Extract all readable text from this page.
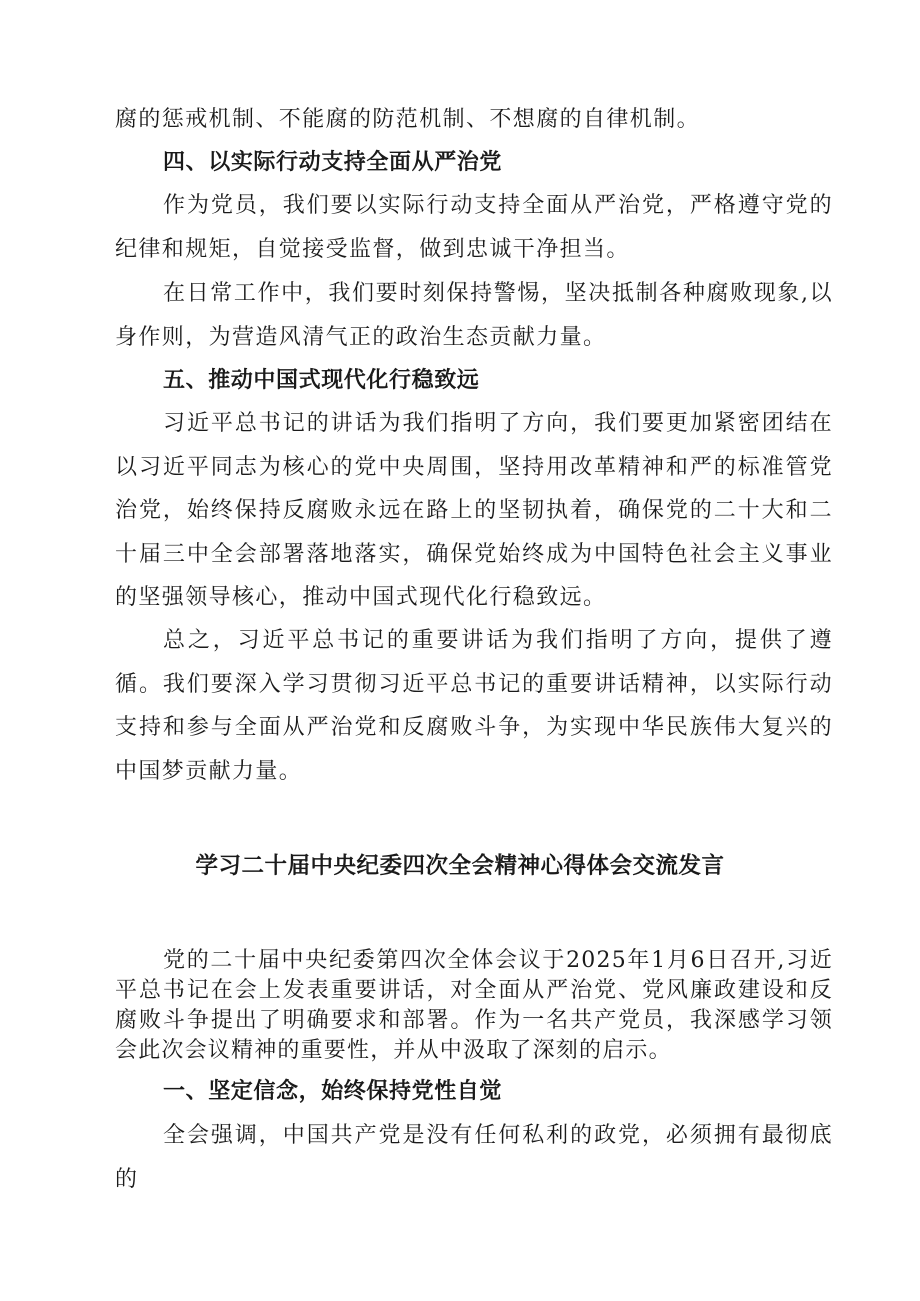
腐的惩戒机制、不能腐的防范机制、不想腐的自律机制。

四、以实际行动支持全面从严治党

作为党员，我们要以实际行动支持全面从严治党，严格遵守党的纪律和规矩，自觉接受监督，做到忠诚干净担当。

在日常工作中，我们要时刻保持警惕，坚决抵制各种腐败现象,以身作则，为营造风清气正的政治生态贡献力量。

五、推动中国式现代化行稳致远

习近平总书记的讲话为我们指明了方向，我们要更加紧密团结在以习近平同志为核心的党中央周围，坚持用改革精神和严的标准管党治党，始终保持反腐败永远在路上的坚韧执着，确保党的二十大和二十届三中全会部署落地落实，确保党始终成为中国特色社会主义事业的坚强领导核心，推动中国式现代化行稳致远。

总之，习近平总书记的重要讲话为我们指明了方向，提供了遵循。我们要深入学习贯彻习近平总书记的重要讲话精神，以实际行动支持和参与全面从严治党和反腐败斗争，为实现中华民族伟大复兴的中国梦贡献力量。

学习二十届中央纪委四次全会精神心得体会交流发言

党的二十届中央纪委第四次全体会议于2025年1月6日召开,习近平总书记在会上发表重要讲话，对全面从严治党、党风廉政建设和反腐败斗争提出了明确要求和部署。作为一名共产党员，我深感学习领会此次会议精神的重要性，并从中汲取了深刻的启示。

一、坚定信念，始终保持党性自觉

全会强调，中国共产党是没有任何私利的政党，必须拥有最彻底的
